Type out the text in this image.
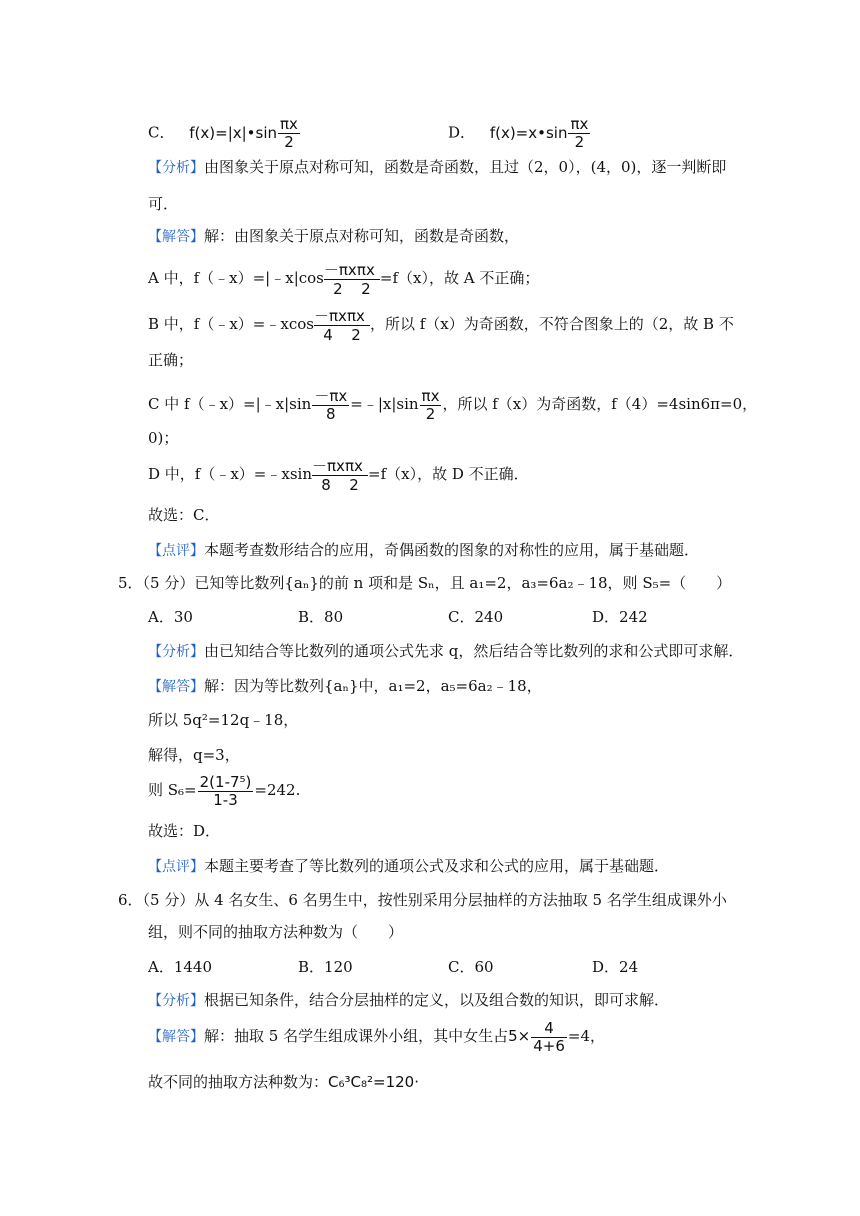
C． f(x)=|x|•sin $\frac{\pi x}{2}$	D． f(x)=x•sin $\frac{\pi x}{2}$
【分析】由图象关于原点对称可知，函数是奇函数，且过（2，0），(4，0)，逐一判断即
可．
【解答】解：由图象关于原点对称可知，函数是奇函数，
A 中，f（﹣x）=|﹣x|cos －πx πx
2	2
=f（x），故 A 不正确；
B 中，f（﹣x）=﹣xcos －πx πx
4	2
，所以 f（x）为奇函数，不符合图象上的（2，故 B 不
正确；
C 中 f（﹣x）=|﹣x|sin $\frac{-\pi x}{8}$ =﹣|x|sin $\frac{\pi x}{2}$ ，所以 f（x）为奇函数，f（4）=4sin6π=0，
0)；
D 中，f（﹣x）=﹣xsin －πx πx
8	2
=f（x），故 D 不正确．
故选：C．
【点评】本题考查数形结合的应用，奇偶函数的图象的对称性的应用，属于基础题．
5．（5 分）已知等比数列{aₙ}的前 n 项和是 Sₙ，且 a₁=2，a₃=6a₂﹣18，则 S₅=（　　）
A．30	B．80	C．240	D．242
【分析】由已知结合等比数列的通项公式先求 q，然后结合等比数列的求和公式即可求解．
【解答】解：因为等比数列{aₙ}中，a₁=2，a₅=6a₂﹣18，
所以 5q²=12q﹣18，
解得，q=3，
则 $S_6= \frac{\text{2(1-7⁵)}}{1-3} =242$.
故选：D．
【点评】本题主要考查了等比数列的通项公式及求和公式的应用，属于基础题．
6．（5 分）从 4 名女生、6 名男生中，按性别采用分层抽样的方法抽取 5 名学生组成课外小
组，则不同的抽取方法种数为（　　）
A．1440	B．120	C．60	D．24
【分析】根据已知条件，结合分层抽样的定义，以及组合数的知识，即可求解．
【解答】解：抽取 5 名学生组成课外小组，其中女生占$5\times \frac{4}{4+6} =4$，
故不同的抽取方法种数为：C₆³C₈²=120·
